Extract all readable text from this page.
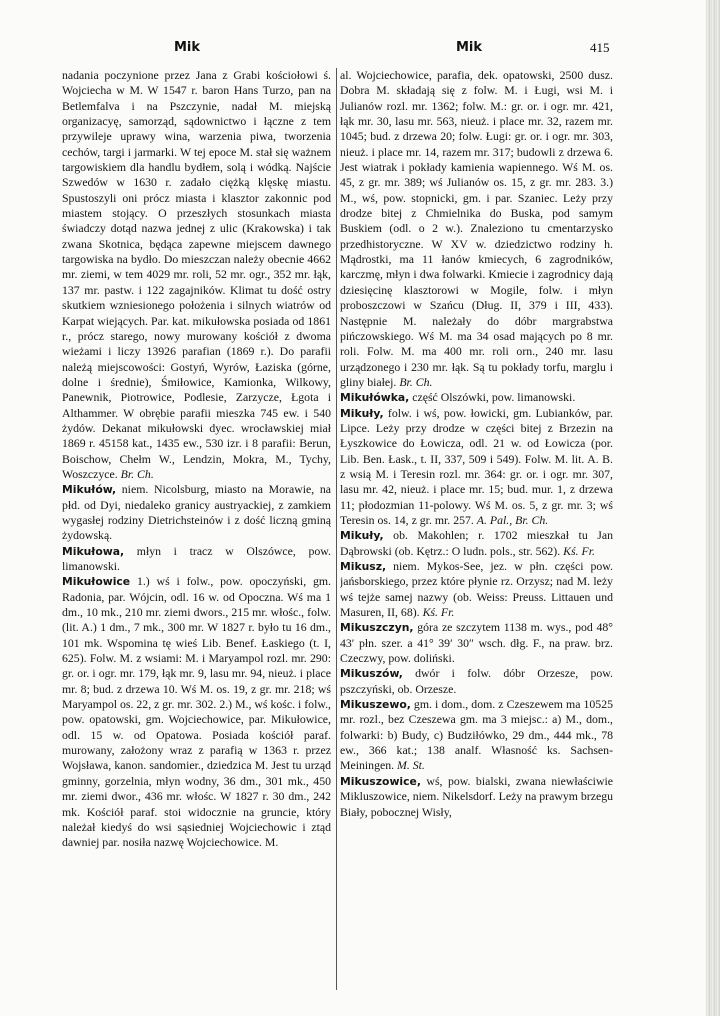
Mik	Mik	415

nadania poczynione przez Jana z Grabi kościołowi ś. Wojciecha w M. W 1547 r. baron Hans Turzo, pan na Betlemfalva i na Pszczynie, nadał M. miejską organizacyę, samorząd, sądownictwo i łączne z tem przywileje uprawy wina, warzenia piwa, tworzenia cechów, targi i jarmarki. W tej epoce M. stał się ważnem targowiskiem dla handlu bydłem, solą i wódką. Najście Szwedów w 1630 r. zadało ciężką klęskę miastu. Spustoszyli oni prócz miasta i klasztor zakonnic pod miastem stojący. O przeszłych stosunkach miasta świadczy dotąd nazwa jednej z ulic (Krakowska) i tak zwana Skotnica, będąca zapewne miejscem dawnego targowiska na bydło. Do mieszczan należy obecnie 4662 mr. ziemi, w tem 4029 mr. roli, 52 mr. ogr., 352 mr. łąk, 137 mr. pastw. i 122 zagajników. Klimat tu dość ostry skutkiem wzniesionego położenia i silnych wiatrów od Karpat wiejących. Par. kat. mikułowska posiada od 1861 r., prócz starego, nowy murowany kościół z dwoma wieżami i liczy 13926 parafian (1869 r.). Do parafii należą miejscowości: Gostyń, Wyrów, Łaziska (górne, dolne i średnie), Śmiłowice, Kamionka, Wilkowy, Panewnik, Piotrowice, Podlesie, Zarzycze, Łgota i Althammer. W obrębie parafii mieszka 745 ew. i 540 żydów. Dekanat mikułowski dyec. wrocławskiej miał 1869 r. 45158 kat., 1435 ew., 530 izr. i 8 parafii: Berun, Boischow, Chełm W., Lendzin, Mokra, M., Tychy, Woszczyce. Br. Ch.

Mikułów, niem. Nicolsburg, miasto na Morawie, na płd. od Dyi, niedaleko granicy austryackiej, z zamkiem wygasłej rodziny Dietrichsteinów i z dość liczną gminą żydowską.

Mikułowa, młyn i tracz w Olszówce, pow. limanowski.

Mikułowice 1.) wś i folw., pow. opoczyński, gm. Radonia, par. Wójcin, odl. 16 w. od Opoczna. Wś ma 1 dm., 10 mk., 210 mr. ziemi dwors., 215 mr. włośc., folw. (lit. A.) 1 dm., 7 mk., 300 mr. W 1827 r. było tu 16 dm., 101 mk. Wspomina tę wieś Lib. Benef. Łaskiego (t. I, 625). Folw. M. z wsiami: M. i Maryampol rozl. mr. 290: gr. or. i ogr. mr. 179, łąk mr. 9, lasu mr. 94, nieuż. i place mr. 8; bud. z drzewa 10. Wś M. os. 19, z gr. mr. 218; wś Maryampol os. 22, z gr. mr. 302. 2.) M., wś kośc. i folw., pow. opatowski, gm. Wojciechowice, par. Mikułowice, odl. 15 w. od Opatowa. Posiada kościół paraf. murowany, założony wraz z parafią w 1363 r. przez Wojsława, kanon. sandomier., dziedzica M. Jest tu urząd gminny, gorzelnia, młyn wodny, 36 dm., 301 mk., 450 mr. ziemi dwor., 436 mr. włośc. W 1827 r. 30 dm., 242 mk. Kościół paraf. stoi widocznie na gruncie, który należał kiedyś do wsi sąsiedniej Wojciechowic i ztąd dawniej par. nosiła nazwę Wojciechowice. M.

al. Wojciechowice, parafia, dek. opatowski, 2500 dusz. Dobra M. składają się z folw. M. i Ługi, wsi M. i Julianów rozl. mr. 1362; folw. M.: gr. or. i ogr. mr. 421, łąk mr. 30, lasu mr. 563, nieuż. i place mr. 32, razem mr. 1045; bud. z drzewa 20; folw. Ługi: gr. or. i ogr. mr. 303, nieuż. i place mr. 14, razem mr. 317; budowli z drzewa 6. Jest wiatrak i pokłady kamienia wapiennego. Wś M. os. 45, z gr. mr. 389; wś Julianów os. 15, z gr. mr. 283. 3.) M., wś, pow. stopnicki, gm. i par. Szaniec. Leży przy drodze bitej z Chmielnika do Buska, pod samym Buskiem (odl. o 2 w.). Znaleziono tu cmentarzysko przedhistoryczne. W XV w. dziedzictwo rodziny h. Mądrostki, ma 11 łanów kmiecych, 6 zagrodników, karczmę, młyn i dwa folwarki. Kmiecie i zagrodnicy dają dziesięcinę klasztorowi w Mogile, folw. i młyn proboszczowi w Szańcu (Dług. II, 379 i III, 433). Następnie M. należały do dóbr margrabstwa pińczowskiego. Wś M. ma 34 osad mających po 8 mr. roli. Folw. M. ma 400 mr. roli orn., 240 mr. lasu urządzonego i 230 mr. łąk. Są tu pokłady torfu, marglu i gliny białej. Br. Ch.

Mikułówka, część Olszówki, pow. limanowski.

Mikuły, folw. i wś, pow. łowicki, gm. Lubianków, par. Lipce. Leży przy drodze w części bitej z Brzezin na Łyszkowice do Łowicza, odl. 21 w. od Łowicza (por. Lib. Ben. Łask., t. II, 337, 509 i 549). Folw. M. lit. A. B. z wsią M. i Teresin rozl. mr. 364: gr. or. i ogr. mr. 307, lasu mr. 42, nieuż. i place mr. 15; bud. mur. 1, z drzewa 11; płodozmian 11-polowy. Wś M. os. 5, z gr. mr. 3; wś Teresin os. 14, z gr. mr. 257. A. Pal., Br. Ch.

Mikuły, ob. Makohlen; r. 1702 mieszkał tu Jan Dąbrowski (ob. Kętrz.: O ludn. pols., str. 562). Kś. Fr.

Mikusz, niem. Mykos-See, jez. w płn. części pow. jańsborskiego, przez które płynie rz. Orzysz; nad M. leży wś tejże samej nazwy (ob. Weiss: Preuss. Littauen und Masuren, II, 68). Kś. Fr.

Mikuszczyn, góra ze szczytem 1138 m. wys., pod 48° 43′ płn. szer. a 41° 39′ 30″ wsch. dłg. F., na praw. brz. Czeczwy, pow. doliński.

Mikuszów, dwór i folw. dóbr Orzesze, pow. pszczyński, ob. Orzesze.

Mikuszewo, gm. i dom., dom. z Czeszewem ma 10525 mr. rozl., bez Czeszewa gm. ma 3 miejsc.: a) M., dom., folwarki: b) Budy, c) Budziłówko, 29 dm., 444 mk., 78 ew., 366 kat.; 138 analf. Własność ks. Sachsen-Meiningen. M. St.

Mikuszowice, wś, pow. bialski, zwana niewłaściwie Mikluszowice, niem. Nikelsdorf. Leży na prawym brzegu Biały, pobocznej Wisły,
